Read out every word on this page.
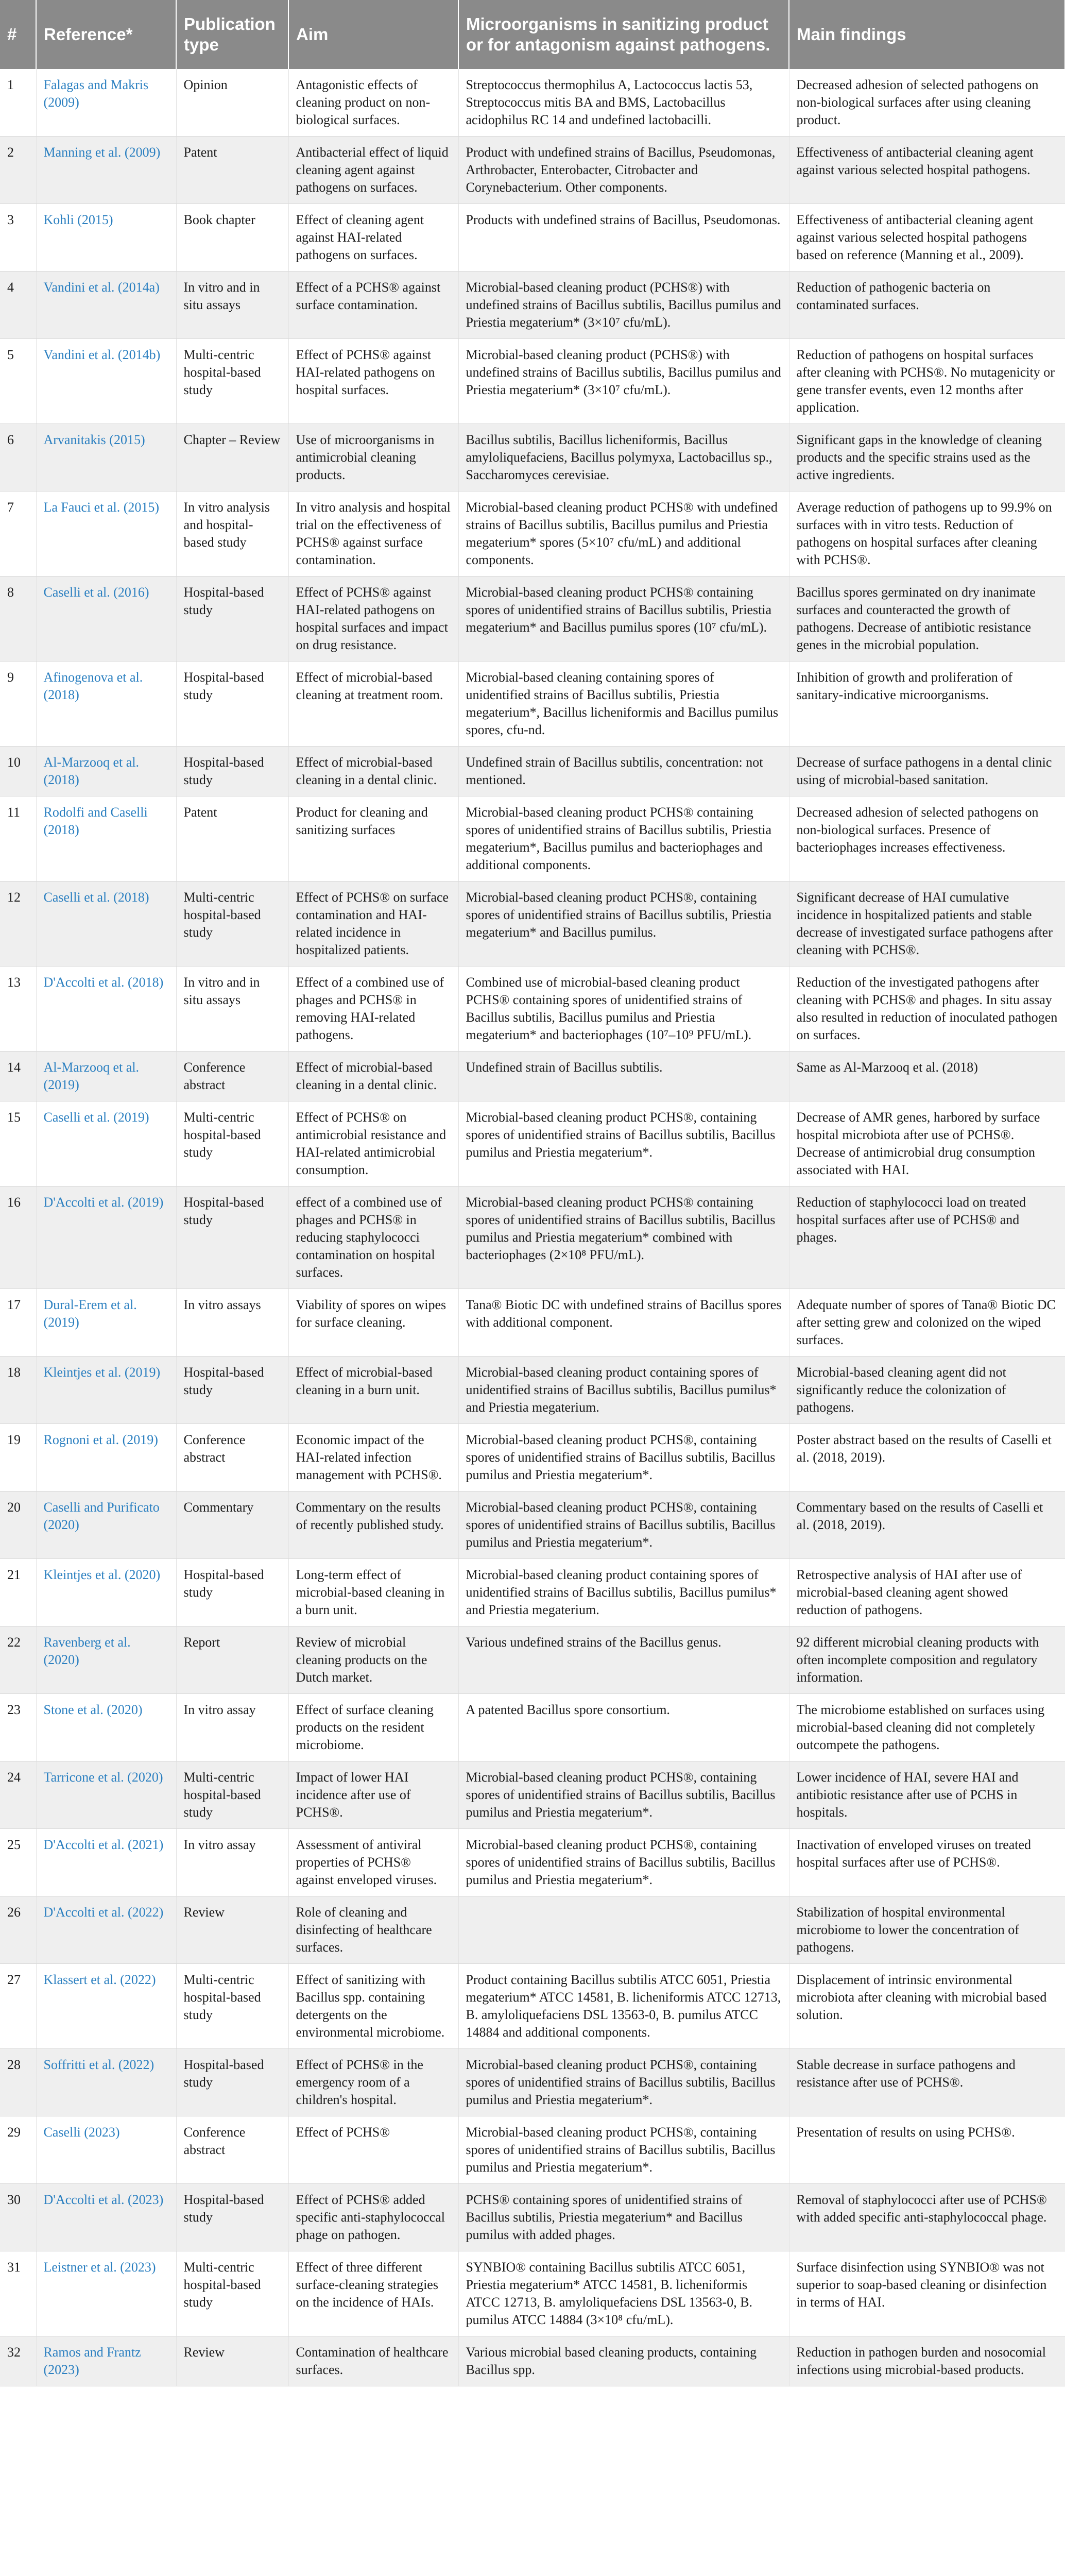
#	Reference*	Publication type	Aim	Microorganisms in sanitizing product or for antagonism against pathogens.	Main findings
1	Falagas and Makris (2009)	Opinion	Antagonistic effects of cleaning product on non-biological surfaces.	Streptococcus thermophilus A, Lactococcus lactis 53, Streptococcus mitis BA and BMS, Lactobacillus acidophilus RC 14 and undefined lactobacilli.	Decreased adhesion of selected pathogens on non-biological surfaces after using cleaning product.
2	Manning et al. (2009)	Patent	Antibacterial effect of liquid cleaning agent against pathogens on surfaces.	Product with undefined strains of Bacillus, Pseudomonas, Arthrobacter, Enterobacter, Citrobacter and Corynebacterium. Other components.	Effectiveness of antibacterial cleaning agent against various selected hospital pathogens.
3	Kohli (2015)	Book chapter	Effect of cleaning agent against HAI-related pathogens on surfaces.	Products with undefined strains of Bacillus, Pseudomonas.	Effectiveness of antibacterial cleaning agent against various selected hospital pathogens based on reference (Manning et al., 2009).
4	Vandini et al. (2014a)	In vitro and in situ assays	Effect of a PCHS® against surface contamination.	Microbial-based cleaning product (PCHS®) with undefined strains of Bacillus subtilis, Bacillus pumilus and Priestia megaterium* (3×10⁷ cfu/mL).	Reduction of pathogenic bacteria on contaminated surfaces.
5	Vandini et al. (2014b)	Multi-centric hospital-based study	Effect of PCHS® against HAI-related pathogens on hospital surfaces.	Microbial-based cleaning product (PCHS®) with undefined strains of Bacillus subtilis, Bacillus pumilus and Priestia megaterium* (3×10⁷ cfu/mL).	Reduction of pathogens on hospital surfaces after cleaning with PCHS®. No mutagenicity or gene transfer events, even 12 months after application.
6	Arvanitakis (2015)	Chapter – Review	Use of microorganisms in antimicrobial cleaning products.	Bacillus subtilis, Bacillus licheniformis, Bacillus amyloliquefaciens, Bacillus polymyxa, Lactobacillus sp., Saccharomyces cerevisiae.	Significant gaps in the knowledge of cleaning products and the specific strains used as the active ingredients.
7	La Fauci et al. (2015)	In vitro analysis and hospital-based study	In vitro analysis and hospital trial on the effectiveness of PCHS® against surface contamination.	Microbial-based cleaning product PCHS® with undefined strains of Bacillus subtilis, Bacillus pumilus and Priestia megaterium* spores (5×10⁷ cfu/mL) and additional components.	Average reduction of pathogens up to 99.9% on surfaces with in vitro tests. Reduction of pathogens on hospital surfaces after cleaning with PCHS®.
8	Caselli et al. (2016)	Hospital-based study	Effect of PCHS® against HAI-related pathogens on hospital surfaces and impact on drug resistance.	Microbial-based cleaning product PCHS® containing spores of unidentified strains of Bacillus subtilis, Priestia megaterium* and Bacillus pumilus spores (10⁷ cfu/mL).	Bacillus spores germinated on dry inanimate surfaces and counteracted the growth of pathogens. Decrease of antibiotic resistance genes in the microbial population.
9	Afinogenova et al. (2018)	Hospital-based study	Effect of microbial-based cleaning at treatment room.	Microbial-based cleaning containing spores of unidentified strains of Bacillus subtilis, Priestia megaterium*, Bacillus licheniformis and Bacillus pumilus spores, cfu-nd.	Inhibition of growth and proliferation of sanitary-indicative microorganisms.
10	Al-Marzooq et al. (2018)	Hospital-based study	Effect of microbial-based cleaning in a dental clinic.	Undefined strain of Bacillus subtilis, concentration: not mentioned.	Decrease of surface pathogens in a dental clinic using of microbial-based sanitation.
11	Rodolfi and Caselli (2018)	Patent	Product for cleaning and sanitizing surfaces	Microbial-based cleaning product PCHS® containing spores of unidentified strains of Bacillus subtilis, Priestia megaterium*, Bacillus pumilus and bacteriophages and additional components.	Decreased adhesion of selected pathogens on non-biological surfaces. Presence of bacteriophages increases effectiveness.
12	Caselli et al. (2018)	Multi-centric hospital-based study	Effect of PCHS® on surface contamination and HAI-related incidence in hospitalized patients.	Microbial-based cleaning product PCHS®, containing spores of unidentified strains of Bacillus subtilis, Priestia megaterium* and Bacillus pumilus.	Significant decrease of HAI cumulative incidence in hospitalized patients and stable decrease of investigated surface pathogens after cleaning with PCHS®.
13	D'Accolti et al. (2018)	In vitro and in situ assays	Effect of a combined use of phages and PCHS® in removing HAI-related pathogens.	Combined use of microbial-based cleaning product PCHS® containing spores of unidentified strains of Bacillus subtilis, Bacillus pumilus and Priestia megaterium* and bacteriophages (10⁷–10⁹ PFU/mL).	Reduction of the investigated pathogens after cleaning with PCHS® and phages. In situ assay also resulted in reduction of inoculated pathogen on surfaces.
14	Al-Marzooq et al. (2019)	Conference abstract	Effect of microbial-based cleaning in a dental clinic.	Undefined strain of Bacillus subtilis.	Same as Al-Marzooq et al. (2018)
15	Caselli et al. (2019)	Multi-centric hospital-based study	Effect of PCHS® on antimicrobial resistance and HAI-related antimicrobial consumption.	Microbial-based cleaning product PCHS®, containing spores of unidentified strains of Bacillus subtilis, Bacillus pumilus and Priestia megaterium*.	Decrease of AMR genes, harbored by surface hospital microbiota after use of PCHS®. Decrease of antimicrobial drug consumption associated with HAI.
16	D'Accolti et al. (2019)	Hospital-based study	effect of a combined use of phages and PCHS® in reducing staphylococci contamination on hospital surfaces.	Microbial-based cleaning product PCHS® containing spores of unidentified strains of Bacillus subtilis, Bacillus pumilus and Priestia megaterium* combined with bacteriophages (2×10⁸ PFU/mL).	Reduction of staphylococci load on treated hospital surfaces after use of PCHS® and phages.
17	Dural-Erem et al. (2019)	In vitro assays	Viability of spores on wipes for surface cleaning.	Tana® Biotic DC with undefined strains of Bacillus spores with additional component.	Adequate number of spores of Tana® Biotic DC after setting grew and colonized on the wiped surfaces.
18	Kleintjes et al. (2019)	Hospital-based study	Effect of microbial-based cleaning in a burn unit.	Microbial-based cleaning product containing spores of unidentified strains of Bacillus subtilis, Bacillus pumilus* and Priestia megaterium.	Microbial-based cleaning agent did not significantly reduce the colonization of pathogens.
19	Rognoni et al. (2019)	Conference abstract	Economic impact of the HAI-related infection management with PCHS®.	Microbial-based cleaning product PCHS®, containing spores of unidentified strains of Bacillus subtilis, Bacillus pumilus and Priestia megaterium*.	Poster abstract based on the results of Caselli et al. (2018, 2019).
20	Caselli and Purificato (2020)	Commentary	Commentary on the results of recently published study.	Microbial-based cleaning product PCHS®, containing spores of unidentified strains of Bacillus subtilis, Bacillus pumilus and Priestia megaterium*.	Commentary based on the results of Caselli et al. (2018, 2019).
21	Kleintjes et al. (2020)	Hospital-based study	Long-term effect of microbial-based cleaning in a burn unit.	Microbial-based cleaning product containing spores of unidentified strains of Bacillus subtilis, Bacillus pumilus* and Priestia megaterium.	Retrospective analysis of HAI after use of microbial-based cleaning agent showed reduction of pathogens.
22	Ravenberg et al. (2020)	Report	Review of microbial cleaning products on the Dutch market.	Various undefined strains of the Bacillus genus.	92 different microbial cleaning products with often incomplete composition and regulatory information.
23	Stone et al. (2020)	In vitro assay	Effect of surface cleaning products on the resident microbiome.	A patented Bacillus spore consortium.	The microbiome established on surfaces using microbial-based cleaning did not completely outcompete the pathogens.
24	Tarricone et al. (2020)	Multi-centric hospital-based study	Impact of lower HAI incidence after use of PCHS®.	Microbial-based cleaning product PCHS®, containing spores of unidentified strains of Bacillus subtilis, Bacillus pumilus and Priestia megaterium*.	Lower incidence of HAI, severe HAI and antibiotic resistance after use of PCHS in hospitals.
25	D'Accolti et al. (2021)	In vitro assay	Assessment of antiviral properties of PCHS® against enveloped viruses.	Microbial-based cleaning product PCHS®, containing spores of unidentified strains of Bacillus subtilis, Bacillus pumilus and Priestia megaterium*.	Inactivation of enveloped viruses on treated hospital surfaces after use of PCHS®.
26	D'Accolti et al. (2022)	Review	Role of cleaning and disinfecting of healthcare surfaces.		Stabilization of hospital environmental microbiome to lower the concentration of pathogens.
27	Klassert et al. (2022)	Multi-centric hospital-based study	Effect of sanitizing with Bacillus spp. containing detergents on the environmental microbiome.	Product containing Bacillus subtilis ATCC 6051, Priestia megaterium* ATCC 14581, B. licheniformis ATCC 12713, B. amyloliquefaciens DSL 13563-0, B. pumilus ATCC 14884 and additional components.	Displacement of intrinsic environmental microbiota after cleaning with microbial based solution.
28	Soffritti et al. (2022)	Hospital-based study	Effect of PCHS® in the emergency room of a children's hospital.	Microbial-based cleaning product PCHS®, containing spores of unidentified strains of Bacillus subtilis, Bacillus pumilus and Priestia megaterium*.	Stable decrease in surface pathogens and resistance after use of PCHS®.
29	Caselli (2023)	Conference abstract	Effect of PCHS®	Microbial-based cleaning product PCHS®, containing spores of unidentified strains of Bacillus subtilis, Bacillus pumilus and Priestia megaterium*.	Presentation of results on using PCHS®.
30	D'Accolti et al. (2023)	Hospital-based study	Effect of PCHS® added specific anti-staphylococcal phage on pathogen.	PCHS® containing spores of unidentified strains of Bacillus subtilis, Priestia megaterium* and Bacillus pumilus with added phages.	Removal of staphylococci after use of PCHS® with added specific anti-staphylococcal phage.
31	Leistner et al. (2023)	Multi-centric hospital-based study	Effect of three different surface-cleaning strategies on the incidence of HAIs.	SYNBIO® containing Bacillus subtilis ATCC 6051, Priestia megaterium* ATCC 14581, B. licheniformis ATCC 12713, B. amyloliquefaciens DSL 13563-0, B. pumilus ATCC 14884 (3×10⁸ cfu/mL).	Surface disinfection using SYNBIO® was not superior to soap-based cleaning or disinfection in terms of HAI.
32	Ramos and Frantz (2023)	Review	Contamination of healthcare surfaces.	Various microbial based cleaning products, containing Bacillus spp.	Reduction in pathogen burden and nosocomial infections using microbial-based products.
